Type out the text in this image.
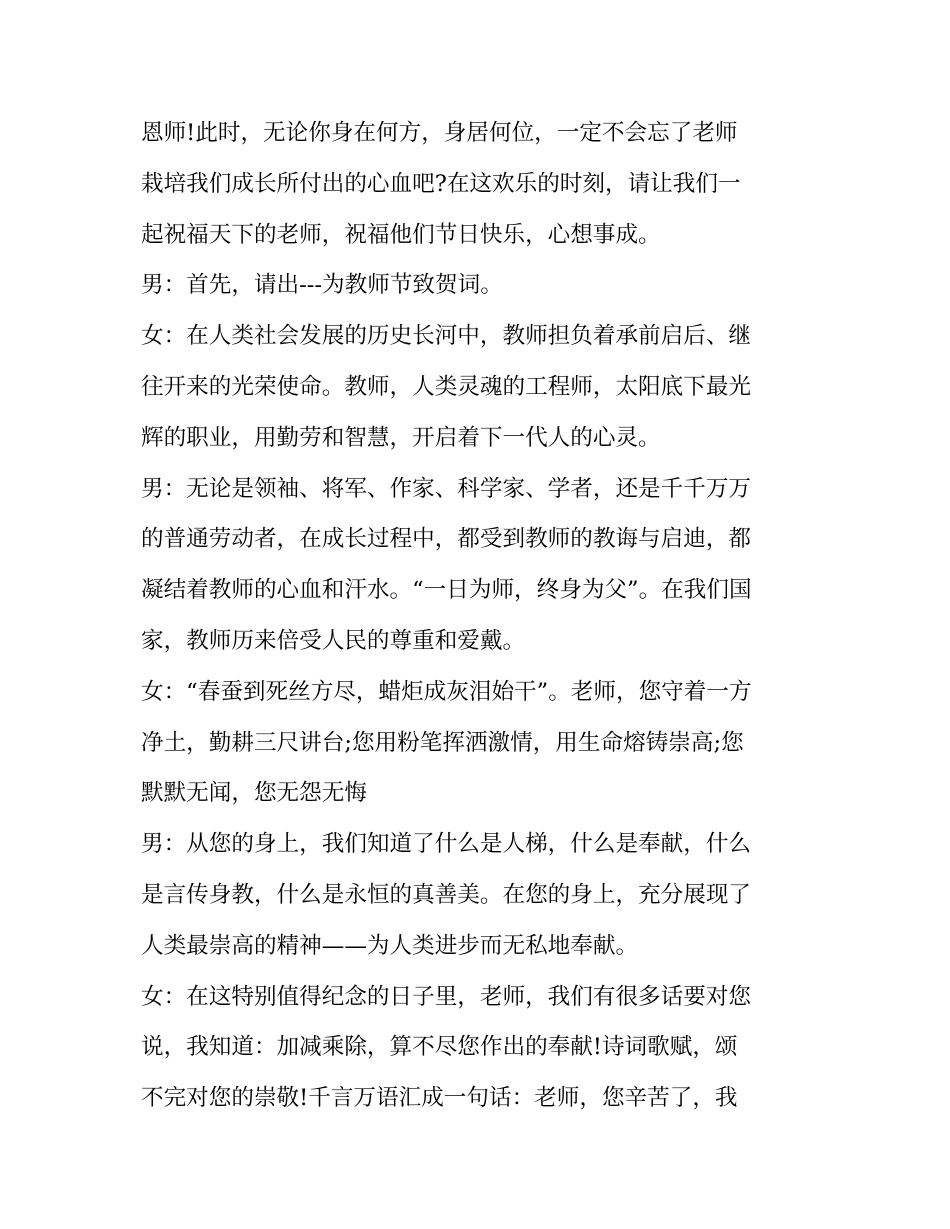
恩师!此时，无论你身在何方，身居何位，一定不会忘了老师
栽培我们成长所付出的心血吧?在这欢乐的时刻，请让我们一
起祝福天下的老师，祝福他们节日快乐，心想事成。
男：首先，请出---为教师节致贺词。
女：在人类社会发展的历史长河中，教师担负着承前启后、继
往开来的光荣使命。教师，人类灵魂的工程师，太阳底下最光
辉的职业，用勤劳和智慧，开启着下一代人的心灵。
男：无论是领袖、将军、作家、科学家、学者，还是千千万万
的普通劳动者，在成长过程中，都受到教师的教诲与启迪，都
凝结着教师的心血和汗水。“一日为师，终身为父”。在我们国
家，教师历来倍受人民的尊重和爱戴。
女：“春蚕到死丝方尽，蜡炬成灰泪始干”。老师，您守着一方
净土，勤耕三尺讲台;您用粉笔挥洒激情，用生命熔铸崇高;您
默默无闻，您无怨无悔
男：从您的身上，我们知道了什么是人梯，什么是奉献，什么
是言传身教，什么是永恒的真善美。在您的身上，充分展现了
人类最崇高的精神——为人类进步而无私地奉献。
女：在这特别值得纪念的日子里，老师，我们有很多话要对您
说，我知道：加减乘除，算不尽您作出的奉献!诗词歌赋，颂
不完对您的崇敬!千言万语汇成一句话：老师，您辛苦了，我
